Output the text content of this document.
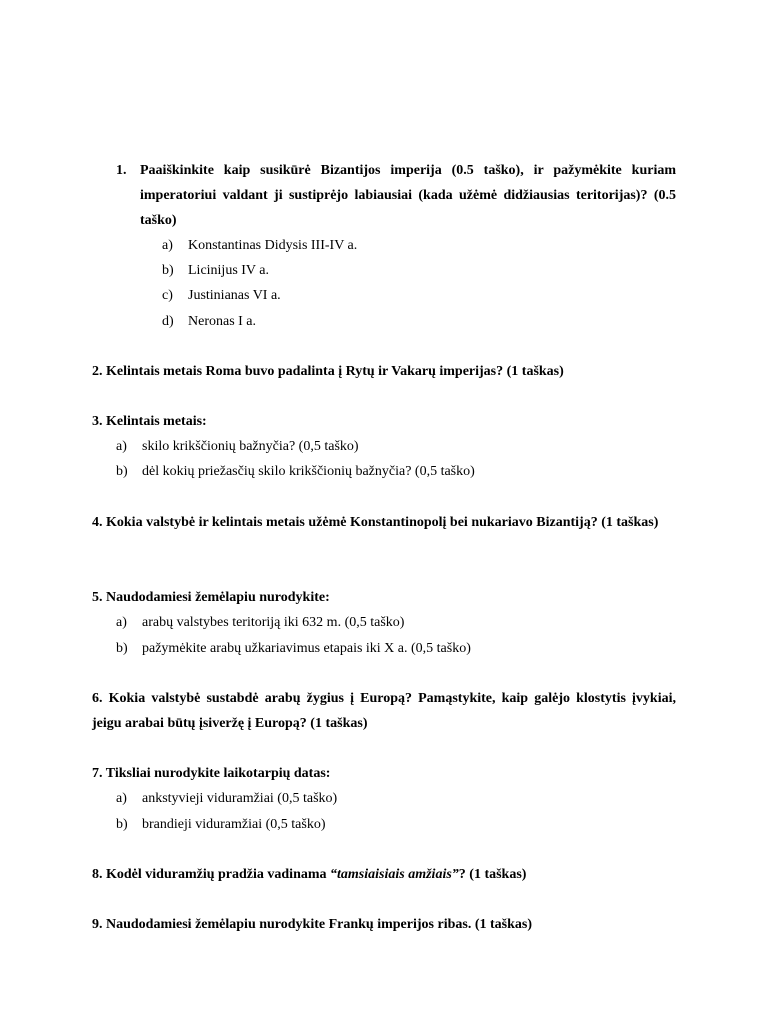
1. Paaiškinkite kaip susikūrė Bizantijos imperija (0.5 taško), ir pažymėkite kuriam imperatoriui valdant ji sustiprėjo labiausiai (kada užėmė didžiausias teritorijas)? (0.5 taško)
a) Konstantinas Didysis III-IV a.
b) Licinijus IV a.
c) Justinianas VI a.
d) Neronas I a.
2. Kelintais metais Roma buvo padalinta į Rytų ir Vakarų imperijas? (1 taškas)
3. Kelintais metais:
a) skilo krikščionių bažnyčia? (0,5 taško)
b) dėl kokių priežasčių skilo krikščionių bažnyčia? (0,5 taško)
4. Kokia valstybė ir kelintais metais užėmė Konstantinopolį bei nukariavo Bizantiją? (1 taškas)
5. Naudodamiesi žemėlapiu nurodykite:
a) arabų valstybes teritoriją iki 632 m. (0,5 taško)
b) pažymėkite arabų užkariavimus etapais iki X a. (0,5 taško)
6. Kokia valstybė sustabdė arabų žygius į Europą? Pamąstykite, kaip galėjo klostytis įvykiai, jeigu arabai būtų įsiveržę į Europą? (1 taškas)
7. Tiksliai nurodykite laikotarpių datas:
a) ankstyvieji viduramžiai (0,5 taško)
b) brandieji viduramžiai (0,5 taško)
8. Kodėl viduramžių pradžia vadinama “tamsiaisiais amžiais”? (1 taškas)
9. Naudodamiesi žemėlapiu nurodykite Frankų imperijos ribas. (1 taškas)
